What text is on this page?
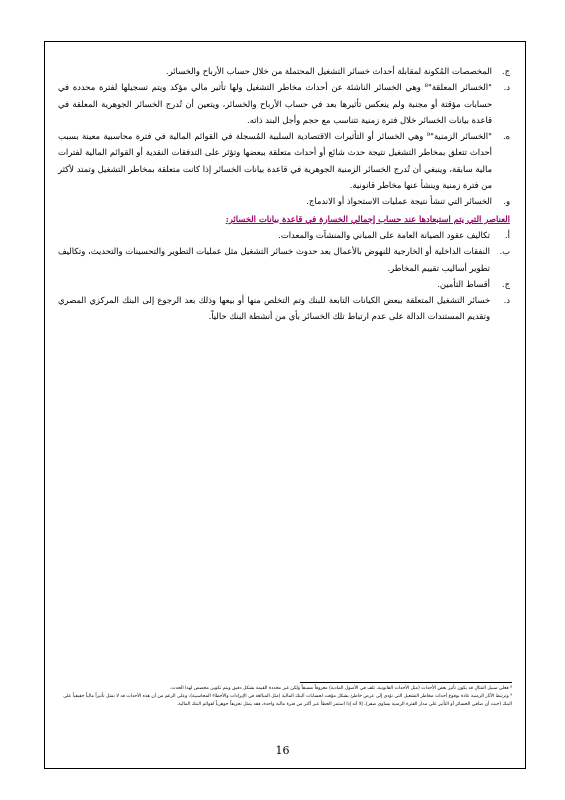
ج.
المخصصات المُكونة لمقابلة أحداث خسائر التشغيل المحتملة من خلال حساب الأرباح والخسائر.

د.
"الخسائر المعلقة"⁸ وهي الخسائر الناشئة عن أحداث مخاطر التشغيل ولها تأثير مالي مؤكد ويتم تسجيلها لفترة محددة في حسابات مؤقتة أو مجنبة ولم ينعكس تأثيرها بعد في حساب الأرباح والخسائر، ويتعين أن تُدرج الخسائر الجوهرية المعلقة في قاعدة بيانات الخسائر خلال فترة زمنية تتناسب مع حجم وأجل البند ذاته.

ه.
"الخسائر الزمنية"⁹ وهي الخسائر أو التأثيرات الاقتصادية السلبية المُسجلة في القوائم المالية في فترة محاسبية معينة بسبب أحداث تتعلق بمخاطر التشغيل نتيجة حدث شائع أو أحداث متعلقة ببعضها وتؤثر على التدفقات النقدية أو القوائم المالية لفترات مالية سابقة، وينبغي أن تُدرج الخسائر الزمنية الجوهرية في قاعدة بيانات الخسائر إذا كانت متعلقة بمخاطر التشغيل وتمتد لأكثر من فترة زمنية وينشأ عنها مخاطر قانونية.

و.
الخسائر التي تنشأ نتيجة عمليات الاستحواذ أو الاندماج.

العناصر التي يتم استبعادها عند حساب إجمالي الخسارة في قاعدة بيانات الخسائر:

أ.
تكاليف عقود الصيانة العامة على المباني والمنشآت والمعدات.

ب.
النفقات الداخلية أو الخارجية للنهوض بالأعمال بعد حدوث خسائر التشغيل مثل عمليات التطوير والتحسينات والتحديث، وتكاليف تطوير أساليب تقييم المخاطر.

ج.
أقساط التأمين.

د.
خسائر التشغيل المتعلقة ببعض الكيانات التابعة للبنك وتم التخلص منها أو بيعها وذلك بعد الرجوع إلى البنك المركزي المصري وتقديم المستندات الدالة على عدم ارتباط تلك الخسائر بأي من أنشطة البنك حالياً.

⁸ فعلى سبيل المثال قد يكون تأثير بعض الأحداث (مثل الأحداث القانونية، تلف في الأصول المادية) معروفاً مسبقاً ولكن غير محددة القيمة بشكل دقيق ويتم تكوين مخصص لهذا الحدث.

⁹ وترتبط الآثار الزمنية عادة بوقوع أحداث مخاطر التشغيل التي تؤدي إلى عرض خاطئ بشكل مؤقت لحسابات البنك المالية (مثل المبالغة في الإيرادات والأخطاء المحاسبية)، وعلى الرغم من أن هذه الأحداث قد لا تمثل تأثيراً مالياً حقيقياً على البنك (حيث أن صافي الخسائر أو التأثير على مدار الفترة الزمنية يساوي صفر)، إلا أنه إذا استمر الخطأ عبر أكثر من فترة مالية واحدة، فقد يمثل تحريفاً جوهرياً لقوائم البنك المالية.

16
